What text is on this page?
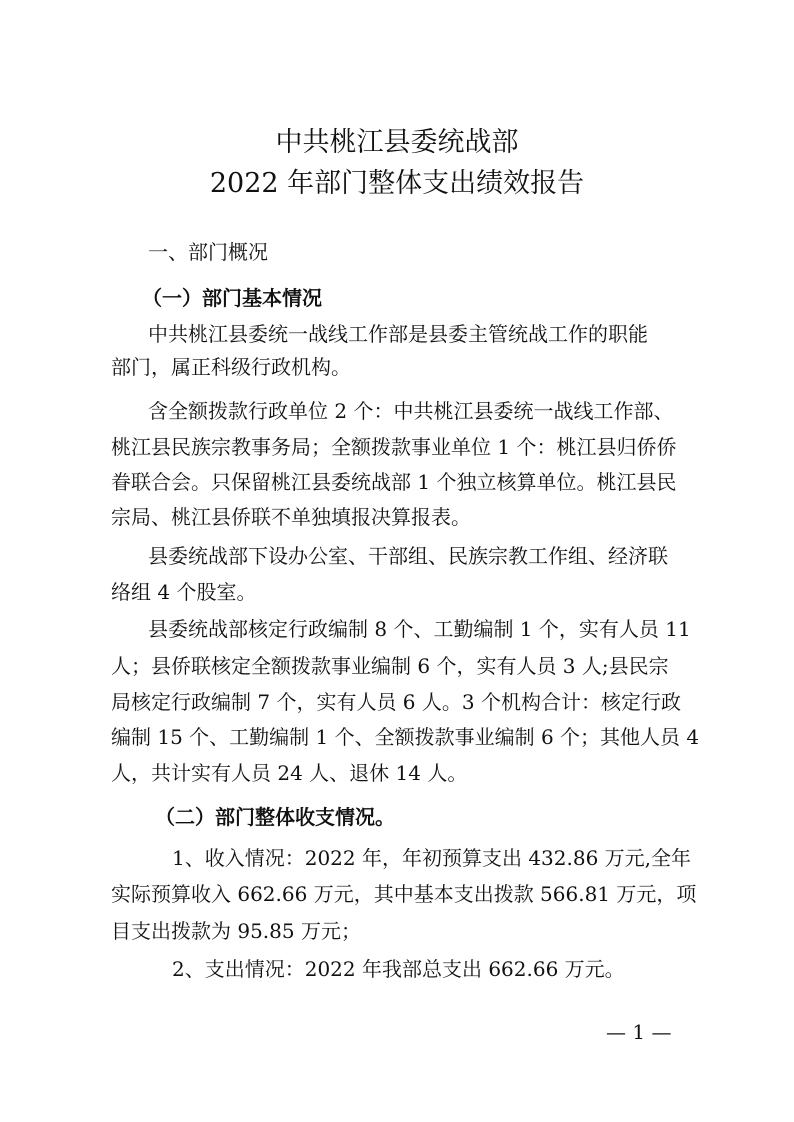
中共桃江县委统战部
2022 年部门整体支出绩效报告
一、部门概况
（一）部门基本情况
中共桃江县委统一战线工作部是县委主管统战工作的职能
部门，属正科级行政机构。
含全额拨款行政单位 2 个：中共桃江县委统一战线工作部、
桃江县民族宗教事务局；全额拨款事业单位 1 个：桃江县归侨侨
眷联合会。只保留桃江县委统战部 1 个独立核算单位。桃江县民
宗局、桃江县侨联不单独填报决算报表。
县委统战部下设办公室、干部组、民族宗教工作组、经济联
络组 4 个股室。
县委统战部核定行政编制 8 个、工勤编制 1 个，实有人员 11
人；县侨联核定全额拨款事业编制 6 个，实有人员 3 人;县民宗
局核定行政编制 7 个，实有人员 6 人。3 个机构合计：核定行政
编制 15 个、工勤编制 1 个、全额拨款事业编制 6 个；其他人员 4
人，共计实有人员 24 人、退休 14 人。
（二）部门整体收支情况。
1、收入情况：2022 年，年初预算支出 432.86 万元,全年
实际预算收入 662.66 万元，其中基本支出拨款 566.81 万元，项
目支出拨款为 95.85 万元；
2、支出情况：2022 年我部总支出 662.66 万元。
— 1 —
